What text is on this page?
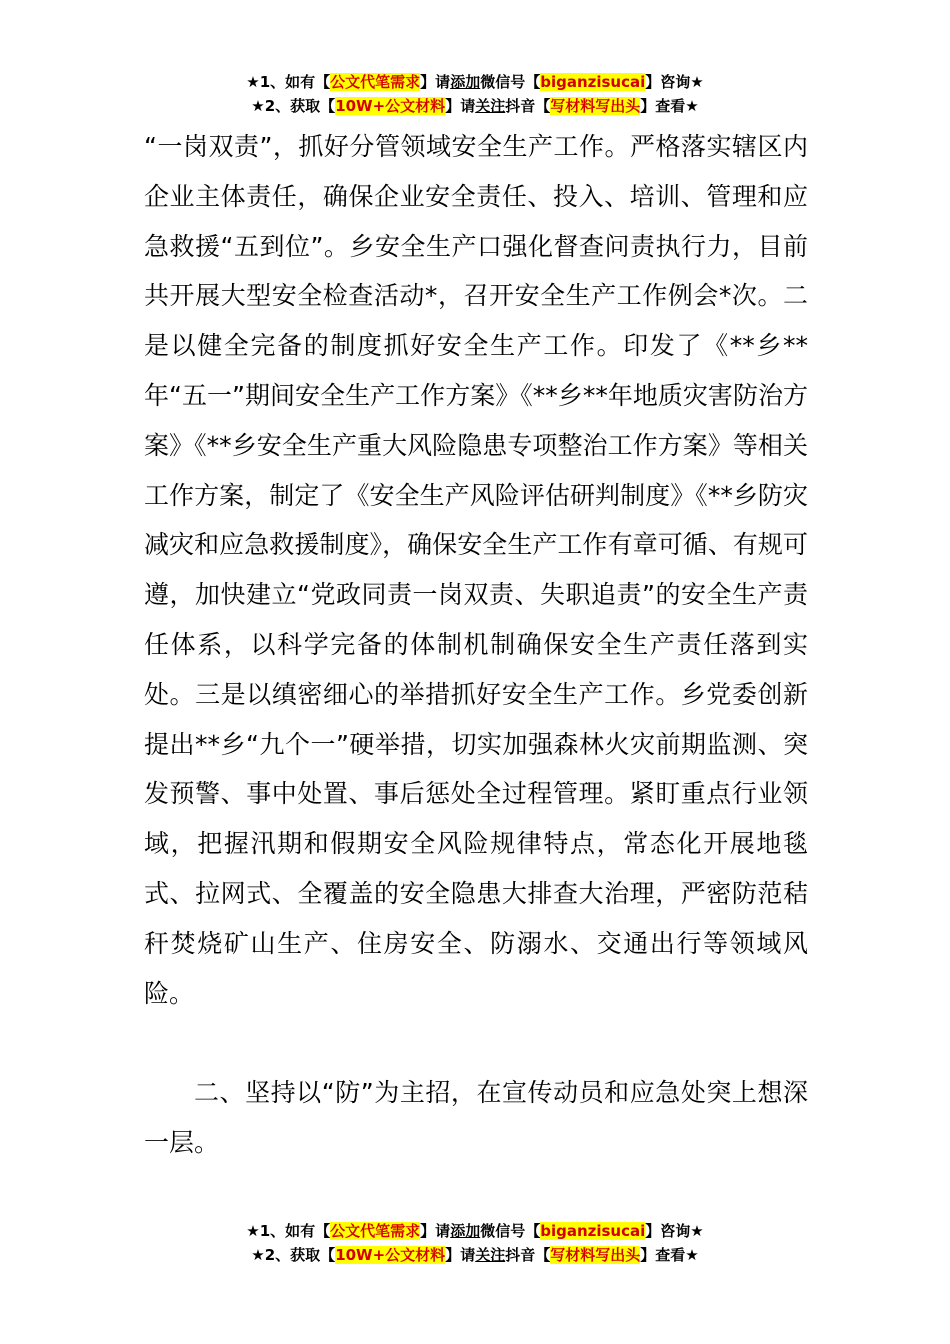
★1、如有【公文代笔需求】请添加微信号【biganzisucai】咨询★
★2、获取【10W+公文材料】请关注抖音【写材料写出头】查看★

“一岗双责”，抓好分管领域安全生产工作。严格落实辖区内企业主体责任，确保企业安全责任、投入、培训、管理和应急救援“五到位”。乡安全生产口强化督查问责执行力，目前共开展大型安全检查活动*，召开安全生产工作例会*次。二是以健全完备的制度抓好安全生产工作。印发了《**乡**年“五一”期间安全生产工作方案》《**乡**年地质灾害防治方案》《**乡安全生产重大风险隐患专项整治工作方案》等相关工作方案，制定了《安全生产风险评估研判制度》《**乡防灾减灾和应急救援制度》，确保安全生产工作有章可循、有规可遵，加快建立“党政同责一岗双责、失职追责”的安全生产责任体系，以科学完备的体制机制确保安全生产责任落到实处。三是以缜密细心的举措抓好安全生产工作。乡党委创新提出**乡“九个一”硬举措，切实加强森林火灾前期监测、突发预警、事中处置、事后惩处全过程管理。紧盯重点行业领域，把握汛期和假期安全风险规律特点，常态化开展地毯式、拉网式、全覆盖的安全隐患大排查大治理，严密防范秸秆焚烧矿山生产、住房安全、防溺水、交通出行等领域风险。

二、坚持以“防”为主招，在宣传动员和应急处突上想深一层。

★1、如有【公文代笔需求】请添加微信号【biganzisucai】咨询★
★2、获取【10W+公文材料】请关注抖音【写材料写出头】查看★
